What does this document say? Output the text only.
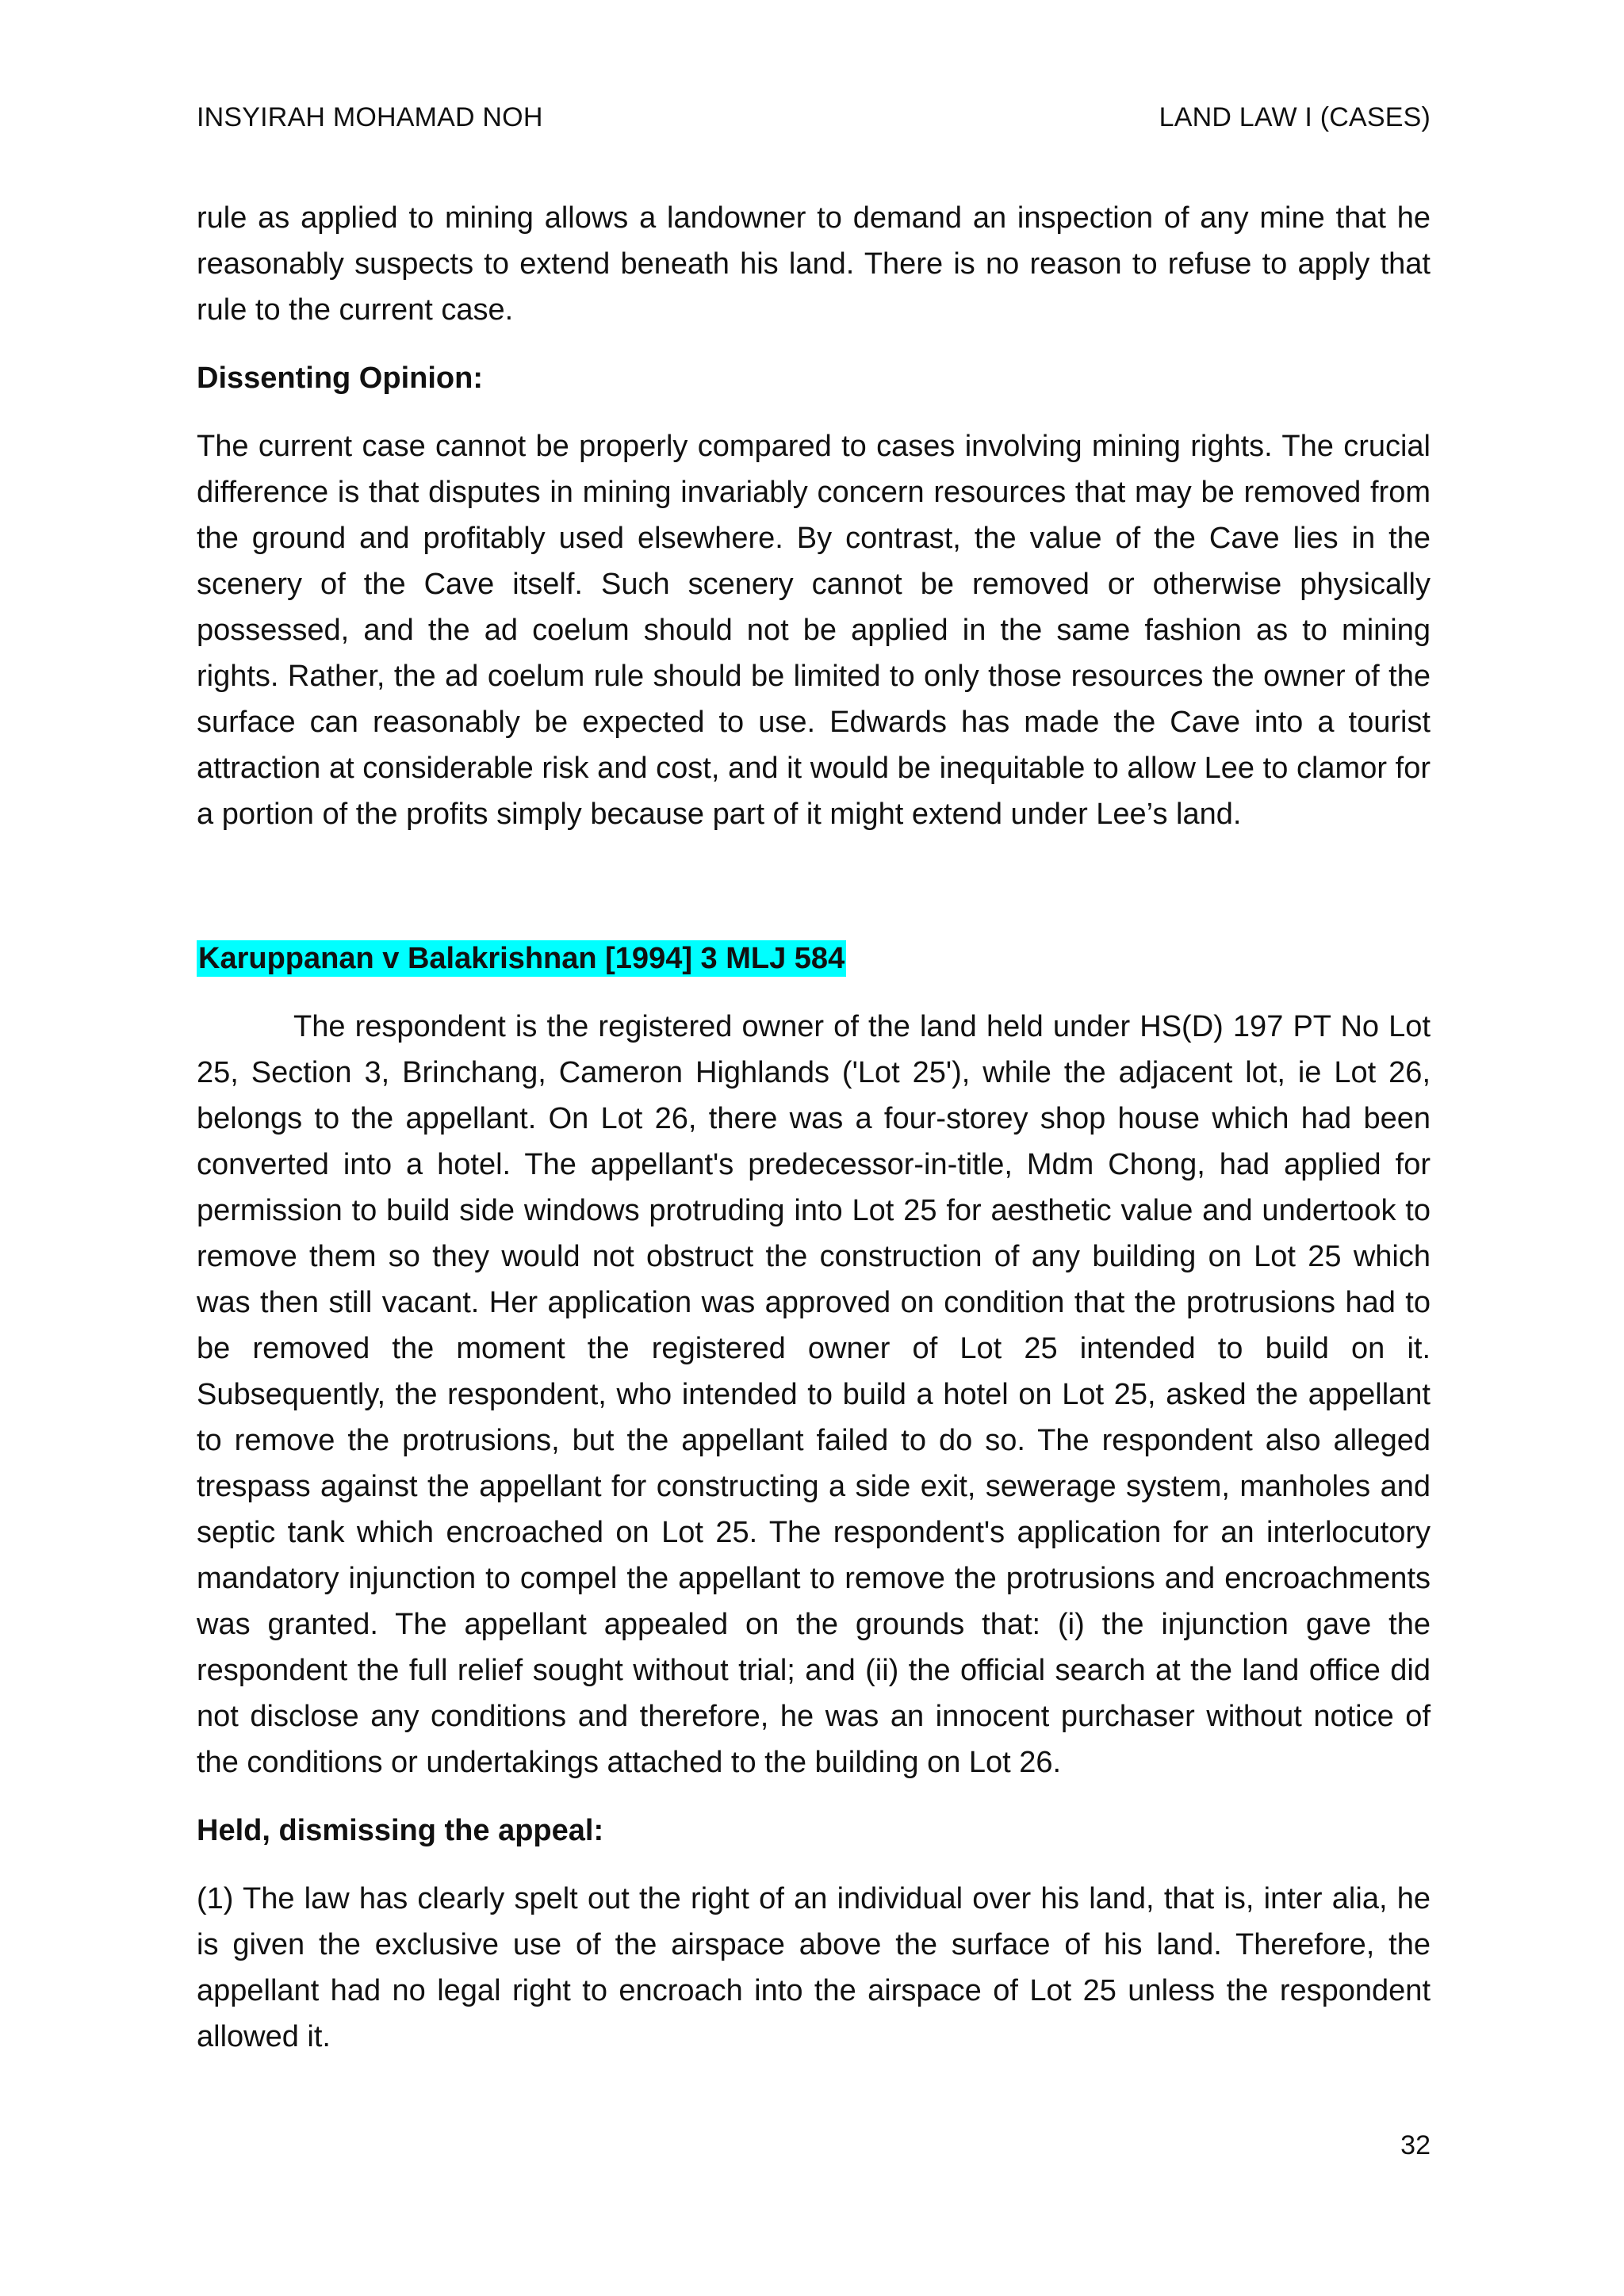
INSYIRAH MOHAMAD NOH	LAND LAW I (CASES)

rule as applied to mining allows a landowner to demand an inspection of any mine that he reasonably suspects to extend beneath his land. There is no reason to refuse to apply that rule to the current case.

Dissenting Opinion:

The current case cannot be properly compared to cases involving mining rights. The crucial difference is that disputes in mining invariably concern resources that may be removed from the ground and profitably used elsewhere. By contrast, the value of the Cave lies in the scenery of the Cave itself. Such scenery cannot be removed or otherwise physically possessed, and the ad coelum should not be applied in the same fashion as to mining rights. Rather, the ad coelum rule should be limited to only those resources the owner of the surface can reasonably be expected to use. Edwards has made the Cave into a tourist attraction at considerable risk and cost, and it would be inequitable to allow Lee to clamor for a portion of the profits simply because part of it might extend under Lee’s land.

Karuppanan v Balakrishnan [1994] 3 MLJ 584

The respondent is the registered owner of the land held under HS(D) 197 PT No Lot 25, Section 3, Brinchang, Cameron Highlands ('Lot 25'), while the adjacent lot, ie Lot 26, belongs to the appellant. On Lot 26, there was a four-storey shop house which had been converted into a hotel. The appellant's predecessor-in-title, Mdm Chong, had applied for permission to build side windows protruding into Lot 25 for aesthetic value and undertook to remove them so they would not obstruct the construction of any building on Lot 25 which was then still vacant. Her application was approved on condition that the protrusions had to be removed the moment the registered owner of Lot 25 intended to build on it. Subsequently, the respondent, who intended to build a hotel on Lot 25, asked the appellant to remove the protrusions, but the appellant failed to do so. The respondent also alleged trespass against the appellant for constructing a side exit, sewerage system, manholes and septic tank which encroached on Lot 25. The respondent's application for an interlocutory mandatory injunction to compel the appellant to remove the protrusions and encroachments was granted. The appellant appealed on the grounds that: (i) the injunction gave the respondent the full relief sought without trial; and (ii) the official search at the land office did not disclose any conditions and therefore, he was an innocent purchaser without notice of the conditions or undertakings attached to the building on Lot 26.

Held, dismissing the appeal:

(1) The law has clearly spelt out the right of an individual over his land, that is, inter alia, he is given the exclusive use of the airspace above the surface of his land. Therefore, the appellant had no legal right to encroach into the airspace of Lot 25 unless the respondent allowed it.

32
